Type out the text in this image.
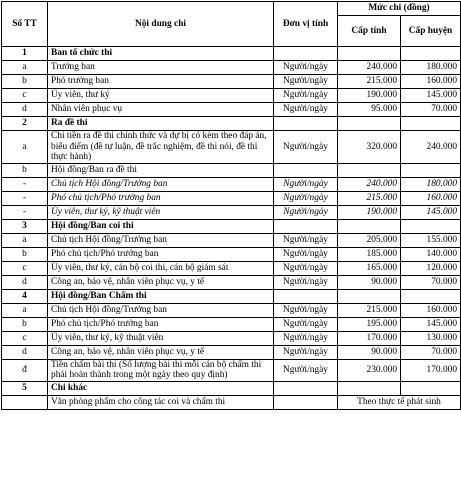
Số TT	Nội dung chi	Đơn vị tính	Mức chi (đồng)	
			Cấp tỉnh	Cấp huyện
1	Ban tổ chức thi			
a	Trưởng ban	Người/ngày	240.000	180.000
b	Phó trưởng ban	Người/ngày	215.000	160.000
c	Ủy viên, thư ký	Người/ngày	190.000	145.000
d	Nhân viên phục vụ	Người/ngày	95.000	70.000
2	Ra đề thi			
a	Chi tiền ra đề thi chính thức và dự bị có kèm theo đáp án, biểu điểm (đề tự luận, đề trắc nghiệm, đề thi nói, đề thi thực hành)	Người/ngày	320.000	240.000
b	Hội đồng/Ban ra đề thi			
-	Chủ tịch Hội đồng/Trưởng ban	Người/ngày	240.000	180.000
-	Phó chủ tịch/Phó trưởng ban	Người/ngày	215.000	160.000
-	Ủy viên, thư ký, kỹ thuật viên	Người/ngày	190.000	145.000
3	Hội đồng/Ban coi thi			
a	Chủ tịch Hội đồng/Trưởng ban	Người/ngày	205.000	155.000
b	Phó chủ tịch/Phó trưởng ban	Người/ngày	185.000	140.000
c	Ủy viên, thư ký, cán bộ coi thi, cán bộ giám sát	Người/ngày	165.000	120.000
d	Công an, bảo vệ, nhân viên phục vụ, y tế	Người/ngày	90.000	70.000
4	Hội đồng/Ban Chấm thi			
a	Chủ tịch Hội đồng/Trưởng ban	Người/ngày	215.000	160.000
b	Phó chủ tịch/Phó trưởng ban	Người/ngày	195.000	145.000
c	Ủy viên, thư ký, kỹ thuật viên	Người/ngày	170.000	130.000
d	Công an, bảo vệ, nhân viên phục vụ, y tế	Người/ngày	90.000	70.000
đ	Tiền chấm bài thi (Số lượng bài thi mỗi cán bộ chấm thi phải hoàn thành trong một ngày theo quy định)	Người/ngày	230.000	170.000
5	Chi khác			
	Văn phòng phẩm cho công tác coi và chấm thi		Theo thực tế phát sinh	
